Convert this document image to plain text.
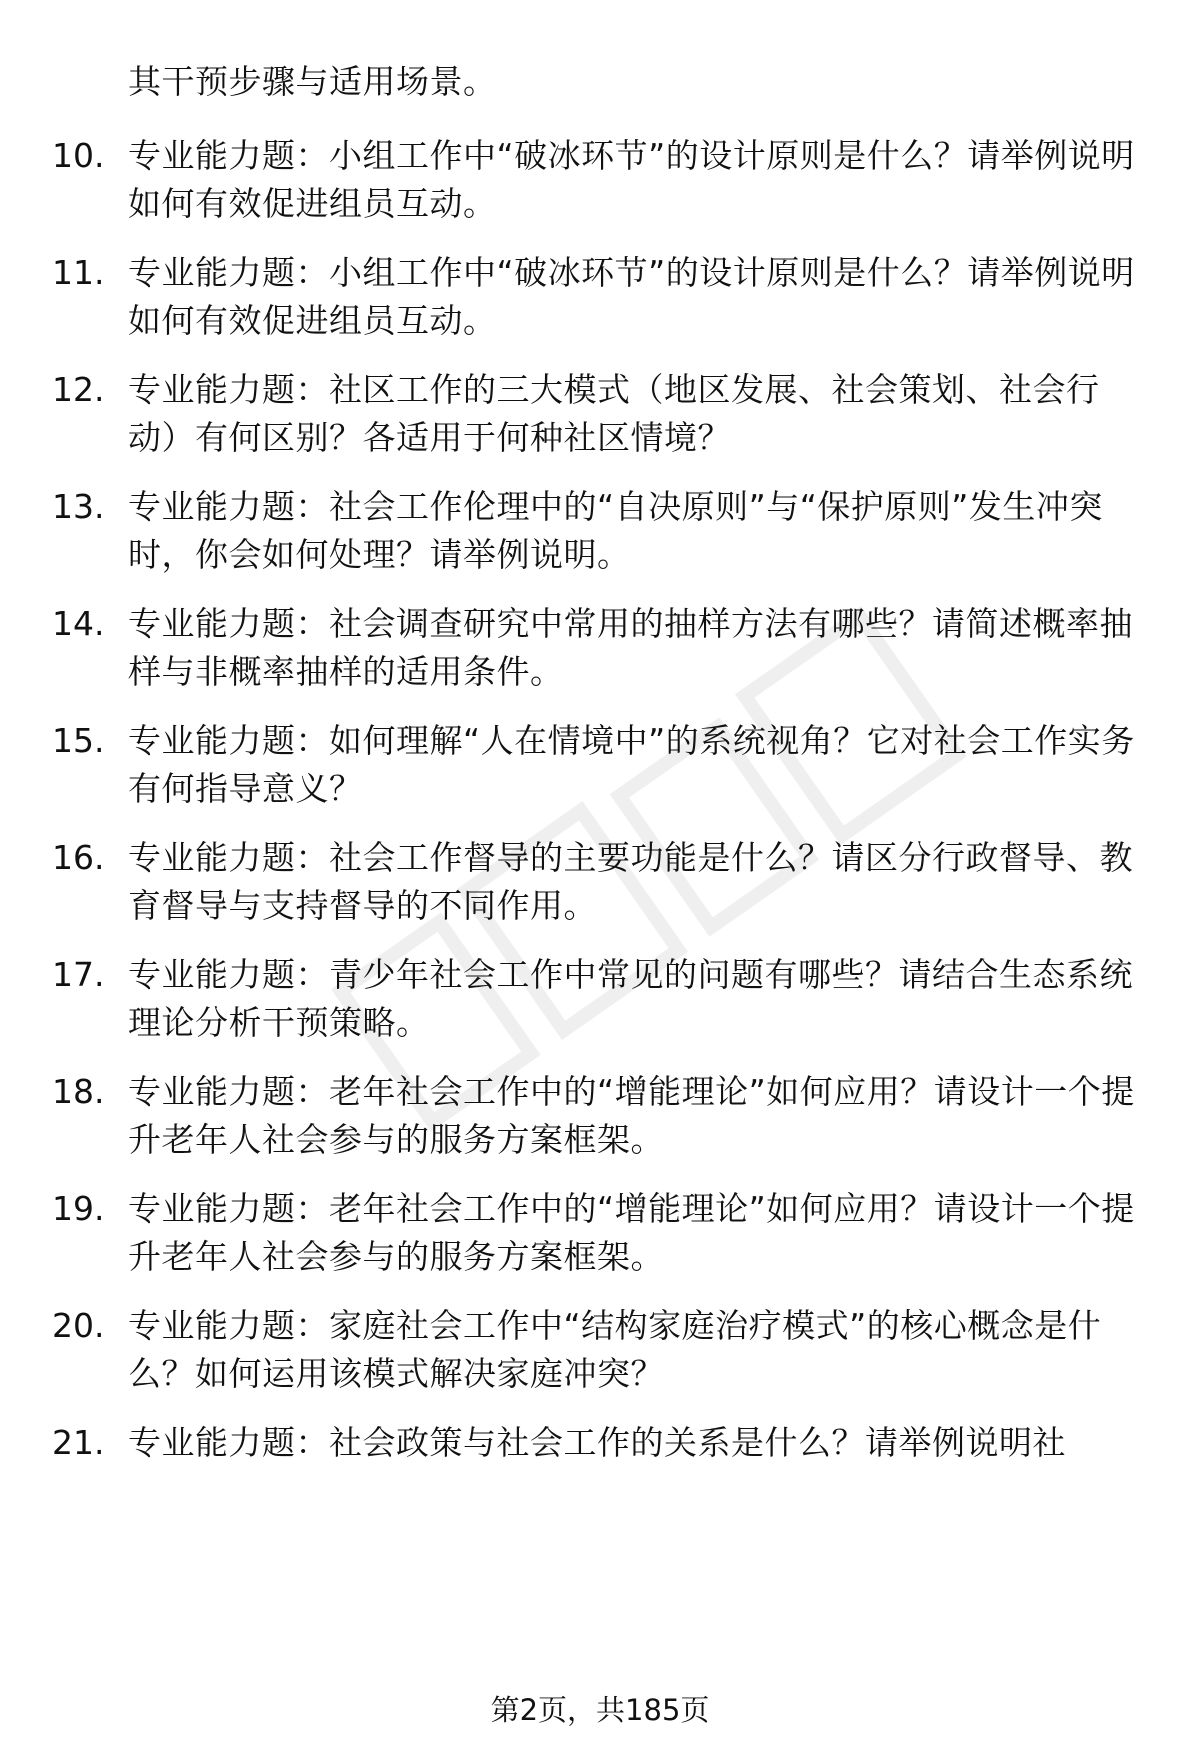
其干预步骤与适用场景。
10. 专业能力题：小组工作中“破冰环节”的设计原则是什么？请举例说明如何有效促进组员互动。
11. 专业能力题：小组工作中“破冰环节”的设计原则是什么？请举例说明如何有效促进组员互动。
12. 专业能力题：社区工作的三大模式（地区发展、社会策划、社会行动）有何区别？各适用于何种社区情境？
13. 专业能力题：社会工作伦理中的“自决原则”与“保护原则”发生冲突时，你会如何处理？请举例说明。
14. 专业能力题：社会调查研究中常用的抽样方法有哪些？请简述概率抽样与非概率抽样的适用条件。
15. 专业能力题：如何理解“人在情境中”的系统视角？它对社会工作实务有何指导意义？
16. 专业能力题：社会工作督导的主要功能是什么？请区分行政督导、教育督导与支持督导的不同作用。
17. 专业能力题：青少年社会工作中常见的问题有哪些？请结合生态系统理论分析干预策略。
18. 专业能力题：老年社会工作中的“增能理论”如何应用？请设计一个提升老年人社会参与的服务方案框架。
19. 专业能力题：老年社会工作中的“增能理论”如何应用？请设计一个提升老年人社会参与的服务方案框架。
20. 专业能力题：家庭社会工作中“结构家庭治疗模式”的核心概念是什么？如何运用该模式解决家庭冲突？
21. 专业能力题：社会政策与社会工作的关系是什么？请举例说明社
第2页，共185页
